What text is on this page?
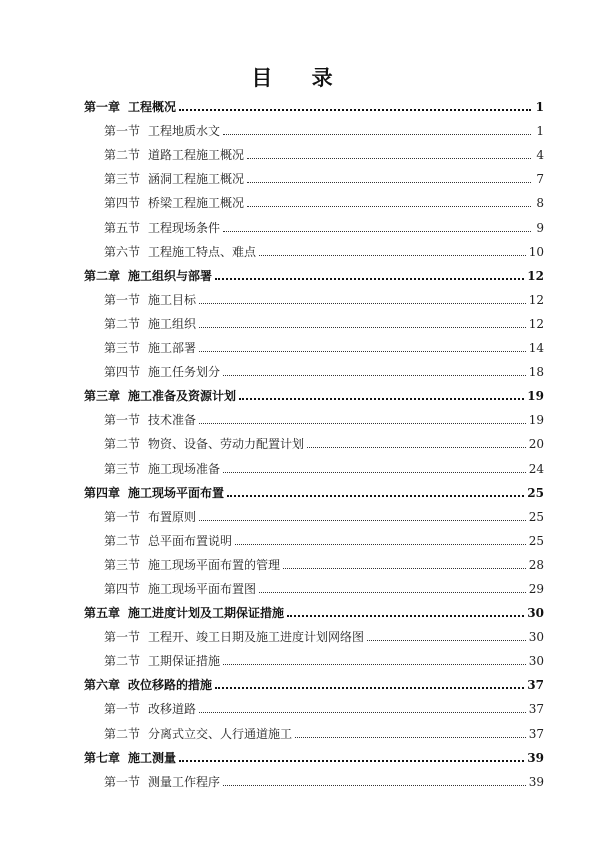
目 录
第一章 工程概况	1
第一节 工程地质水文	1
第二节 道路工程施工概况	4
第三节 涵洞工程施工概况	7
第四节 桥梁工程施工概况	8
第五节 工程现场条件	9
第六节 工程施工特点、难点	10
第二章 施工组织与部署	12
第一节 施工目标	12
第二节 施工组织	12
第三节 施工部署	14
第四节 施工任务划分	18
第三章 施工准备及资源计划	19
第一节 技术准备	19
第二节 物资、设备、劳动力配置计划	20
第三节 施工现场准备	24
第四章 施工现场平面布置	25
第一节 布置原则	25
第二节 总平面布置说明	25
第三节 施工现场平面布置的管理	28
第四节 施工现场平面布置图	29
第五章 施工进度计划及工期保证措施	30
第一节 工程开、竣工日期及施工进度计划网络图	30
第二节 工期保证措施	30
第六章 改位移路的措施	37
第一节 改移道路	37
第二节 分离式立交、人行通道施工	37
第七章 施工测量	39
第一节 测量工作程序	39
